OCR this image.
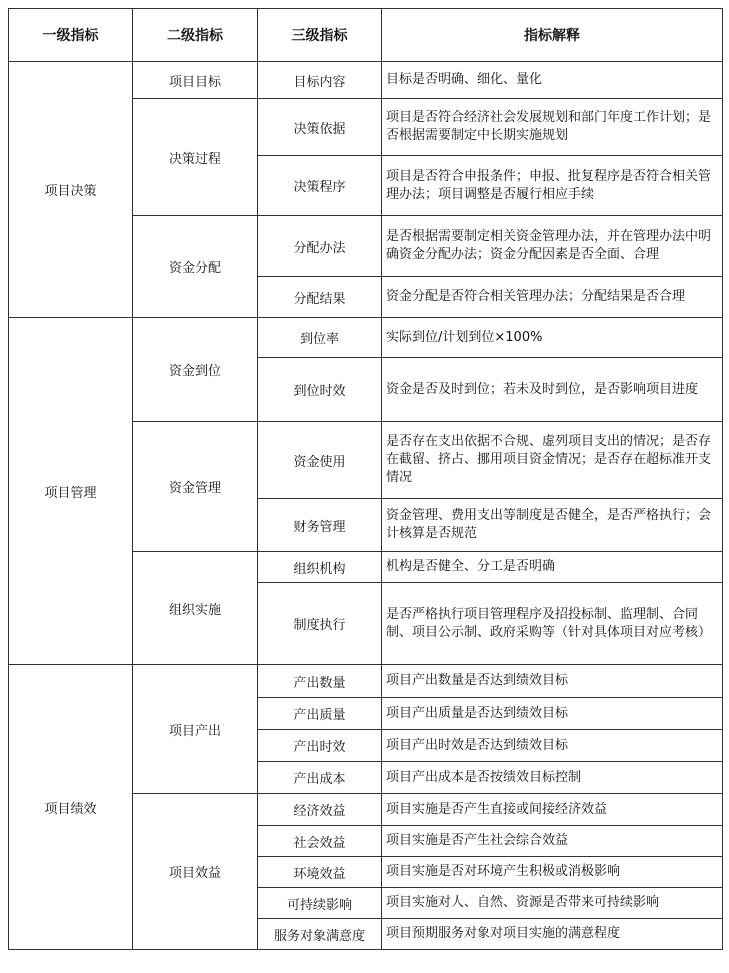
一级指标	二级指标	三级指标	指标解释
项目决策	项目目标	目标内容	目标是否明确、细化、量化
	决策过程	决策依据	项目是否符合经济社会发展规划和部门年度工作计划；是否根据需要制定中长期实施规划
		决策程序	项目是否符合申报条件；申报、批复程序是否符合相关管理办法；项目调整是否履行相应手续
	资金分配	分配办法	是否根据需要制定相关资金管理办法，并在管理办法中明确资金分配办法；资金分配因素是否全面、合理
		分配结果	资金分配是否符合相关管理办法；分配结果是否合理
项目管理	资金到位	到位率	实际到位/计划到位×100%
		到位时效	资金是否及时到位；若未及时到位，是否影响项目进度
	资金管理	资金使用	是否存在支出依据不合规、虚列项目支出的情况；是否存在截留、挤占、挪用项目资金情况；是否存在超标准开支情况
		财务管理	资金管理、费用支出等制度是否健全，是否严格执行；会计核算是否规范
	组织实施	组织机构	机构是否健全、分工是否明确
		制度执行	是否严格执行项目管理程序及招投标制、监理制、合同制、项目公示制、政府采购等（针对具体项目对应考核）
项目绩效	项目产出	产出数量	项目产出数量是否达到绩效目标
		产出质量	项目产出质量是否达到绩效目标
		产出时效	项目产出时效是否达到绩效目标
		产出成本	项目产出成本是否按绩效目标控制
	项目效益	经济效益	项目实施是否产生直接或间接经济效益
		社会效益	项目实施是否产生社会综合效益
		环境效益	项目实施是否对环境产生积极或消极影响
		可持续影响	项目实施对人、自然、资源是否带来可持续影响
		服务对象满意度	项目预期服务对象对项目实施的满意程度
